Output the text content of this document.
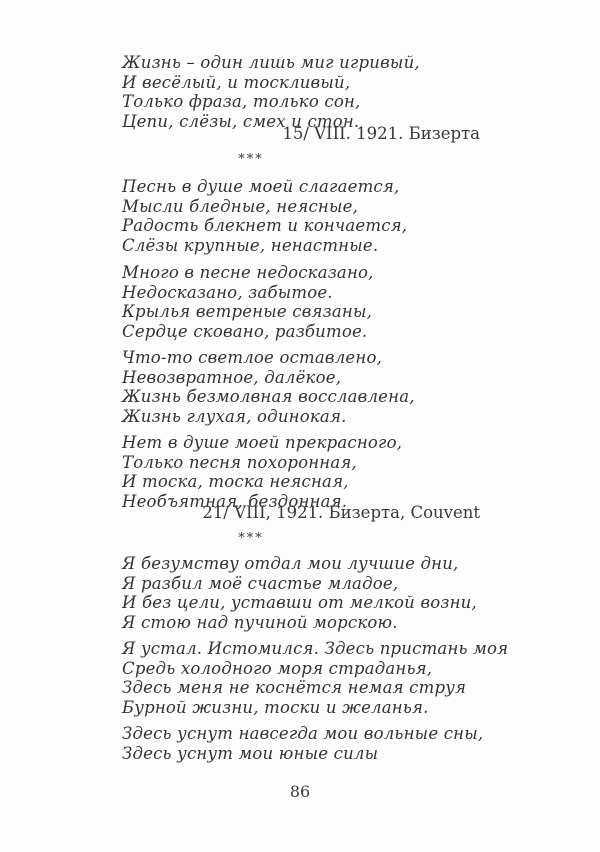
Жизнь – один лишь миг игривый,
И весёлый, и тоскливый,
Только фраза, только сон,
Цепи, слёзы, смех и стон.
15/ VIII. 1921. Бизерта
***
Песнь в душе моей слагается,
Мысли бледные, неясные,
Радость блекнет и кончается,
Слёзы крупные, ненастные.
Много в песне недосказано,
Недосказано, забытое.
Крылья ветреные связаны,
Сердце сковано, разбитое.
Что-то светлое оставлено,
Невозвратное, далёкое,
Жизнь безмолвная восславлена,
Жизнь глухая, одинокая.
Нет в душе моей прекрасного,
Только песня похоронная,
И тоска, тоска неясная,
Необъятная, бездонная.
21/ VIII, 1921. Бизерта, Couvent
***
Я безумству отдал мои лучшие дни,
Я разбил моё счастье младое,
И без цели, уставши от мелкой возни,
Я стою над пучиной морскою.
Я устал. Истомился. Здесь пристань моя
Средь холодного моря страданья,
Здесь меня не коснётся немая струя
Бурной жизни, тоски и желанья.
Здесь уснут навсегда мои вольные сны,
Здесь уснут мои юные силы
86
